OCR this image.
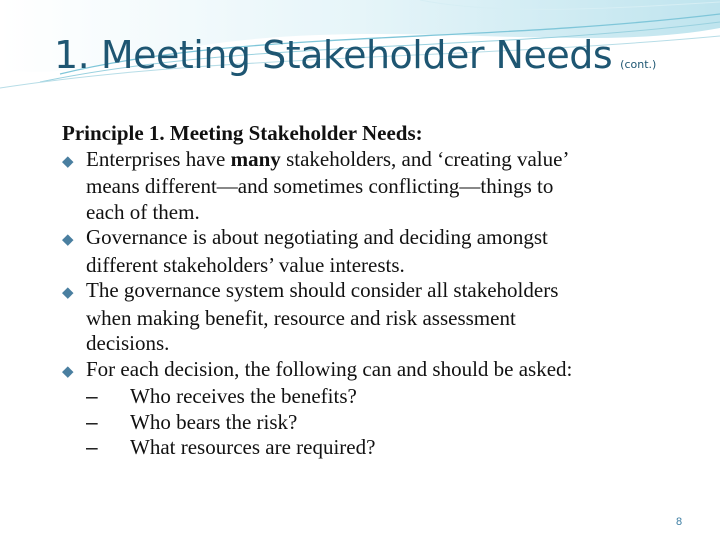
1. Meeting Stakeholder Needs (cont.)
Principle 1. Meeting Stakeholder Needs:
◆ Enterprises have many stakeholders, and ‘creating value’
means different—and sometimes conflicting—things to
each of them.
◆ Governance is about negotiating and deciding amongst
different stakeholders’ value interests.
◆ The governance system should consider all stakeholders
when making benefit, resource and risk assessment
decisions.
◆ For each decision, the following can and should be asked:
– Who receives the benefits?
– Who bears the risk?
– What resources are required?
8
